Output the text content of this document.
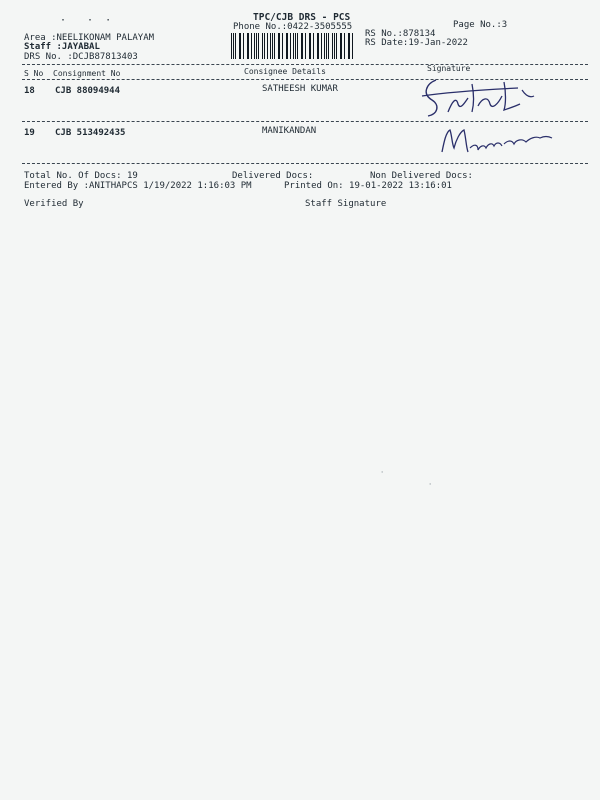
·  · ·	TPC/CJB DRS - PCS
Phone No.:0422-3505555	Page No.:3
Area :NEELIKONAM PALAYAM
Staff :JAYABAL
DRS No. :DCJB87813403
RS No.:878134
RS Date:19-Jan-2022
S No Consignment No	Consignee Details	Signature
18 CJB 88094944	SATHEESH KUMAR
19 CJB 513492435	MANIKANDAN
Total No. Of Docs: 19	Delivered Docs:	Non Delivered Docs:
Entered By :ANITHAPCS 1/19/2022 1:16:03 PM	Printed On: 19-01-2022 13:16:01
Verified By	Staff Signature
'
'
